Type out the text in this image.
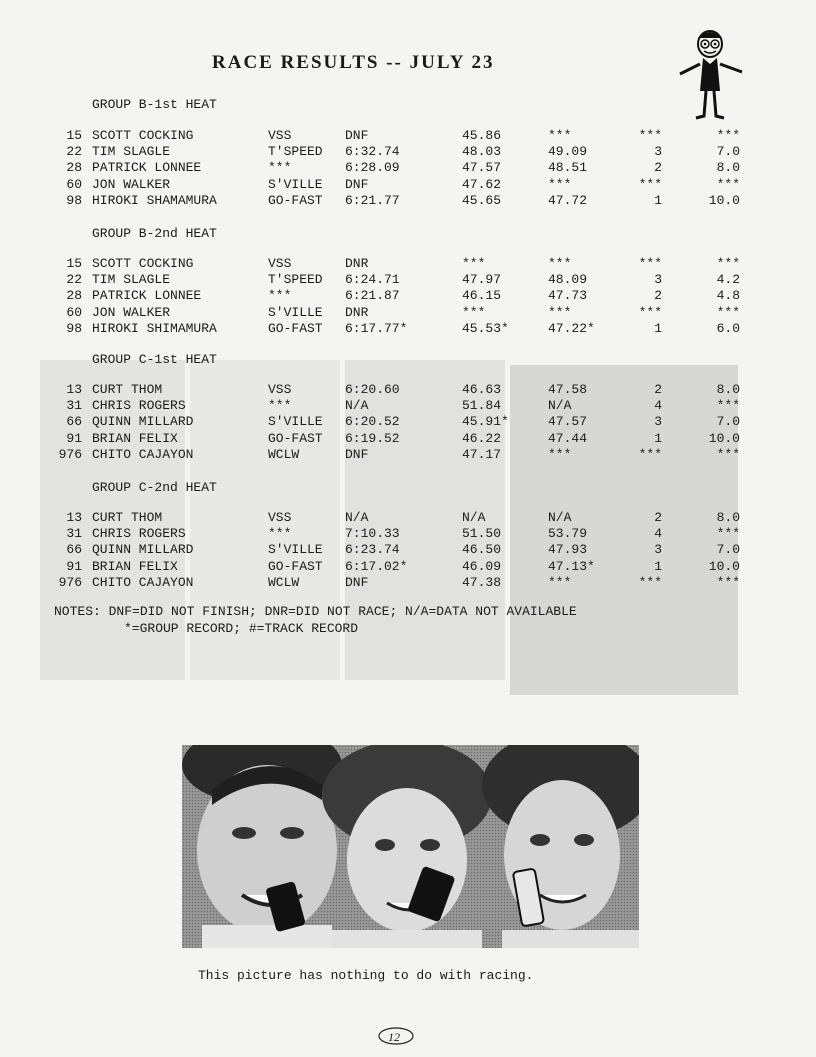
RACE RESULTS -- JULY 23
GROUP B-1st HEAT
15 SCOTT COCKING	VSS	DNF	45.86	***	***	***
22 TIM SLAGLE	T'SPEED 6:32.74	48.03	49.09	3	7.0
28 PATRICK LONNEE	***	6:28.09	47.57	48.51	2	8.0
60 JON WALKER	S'VILLE DNF	47.62	***	***	***
98 HIROKI SHAMAMURA	GO-FAST 6:21.77	45.65	47.72	1	10.0
GROUP B-2nd HEAT
15 SCOTT COCKING	VSS	DNR	***	***	***	***
22 TIM SLAGLE	T'SPEED 6:24.71	47.97	48.09	3	4.2
28 PATRICK LONNEE	***	6:21.87	46.15	47.73	2	4.8
60 JON WALKER	S'VILLE DNR	***	***	***	***
98 HIROKI SHIMAMURA	GO-FAST 6:17.77*	45.53*	47.22*	1	6.0
GROUP C-1st HEAT
13 CURT THOM	VSS	6:20.60	46.63	47.58	2	8.0
31 CHRIS ROGERS	***	N/A	51.84	N/A	4	***
66 QUINN MILLARD	S'VILLE 6:20.52	45.91*	47.57	3	7.0
91 BRIAN FELIX	GO-FAST 6:19.52	46.22	47.44	1	10.0
976 CHITO CAJAYON	WCLW	DNF	47.17	***	***	***
GROUP C-2nd HEAT
13 CURT THOM	VSS	N/A	N/A	N/A	2	8.0
31 CHRIS ROGERS	***	7:10.33	51.50	53.79	4	***
66 QUINN MILLARD	S'VILLE 6:23.74	46.50	47.93	3	7.0
91 BRIAN FELIX	GO-FAST 6:17.02*	46.09	47.13*	1	10.0
976 CHITO CAJAYON	WCLW	DNF	47.38	***	***	***
NOTES: DNF=DID NOT FINISH; DNR=DID NOT RACE; N/A=DATA NOT AVAILABLE
*=GROUP RECORD; #=TRACK RECORD
This picture has nothing to do with racing.
12
